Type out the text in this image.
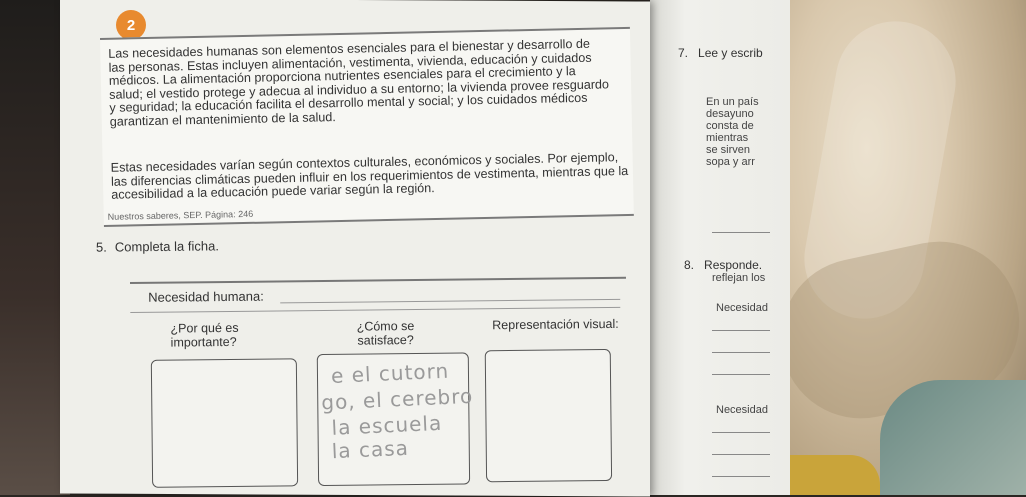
7. Lee y escrib
En un país
desayuno
consta de
mientras
se sirven
sopa y arr
8. Responde.
reflejan los
Necesidad
Necesidad
2
Las necesidades humanas son elementos esenciales para el bienestar y desarrollo de las personas. Estas incluyen alimentación, vestimenta, vivienda, educación y cuidados médicos. La alimentación proporciona nutrientes esenciales para el crecimiento y la salud; el vestido protege y adecua al individuo a su entorno; la vivienda provee resguardo y seguridad; la educación facilita el desarrollo mental y social; y los cuidados médicos garantizan el mantenimiento de la salud.
Estas necesidades varían según contextos culturales, económicos y sociales. Por ejemplo, las diferencias climáticas pueden influir en los requerimientos de vestimenta, mientras que la accesibilidad a la educación puede variar según la región.
Nuestros saberes, SEP. Página: 246
5. Completa la ficha.
Necesidad humana:
¿Por qué es importante?
¿Cómo se satisface?
Representación visual:
e el cutorn
go, el cerebro
la escuela
la casa
